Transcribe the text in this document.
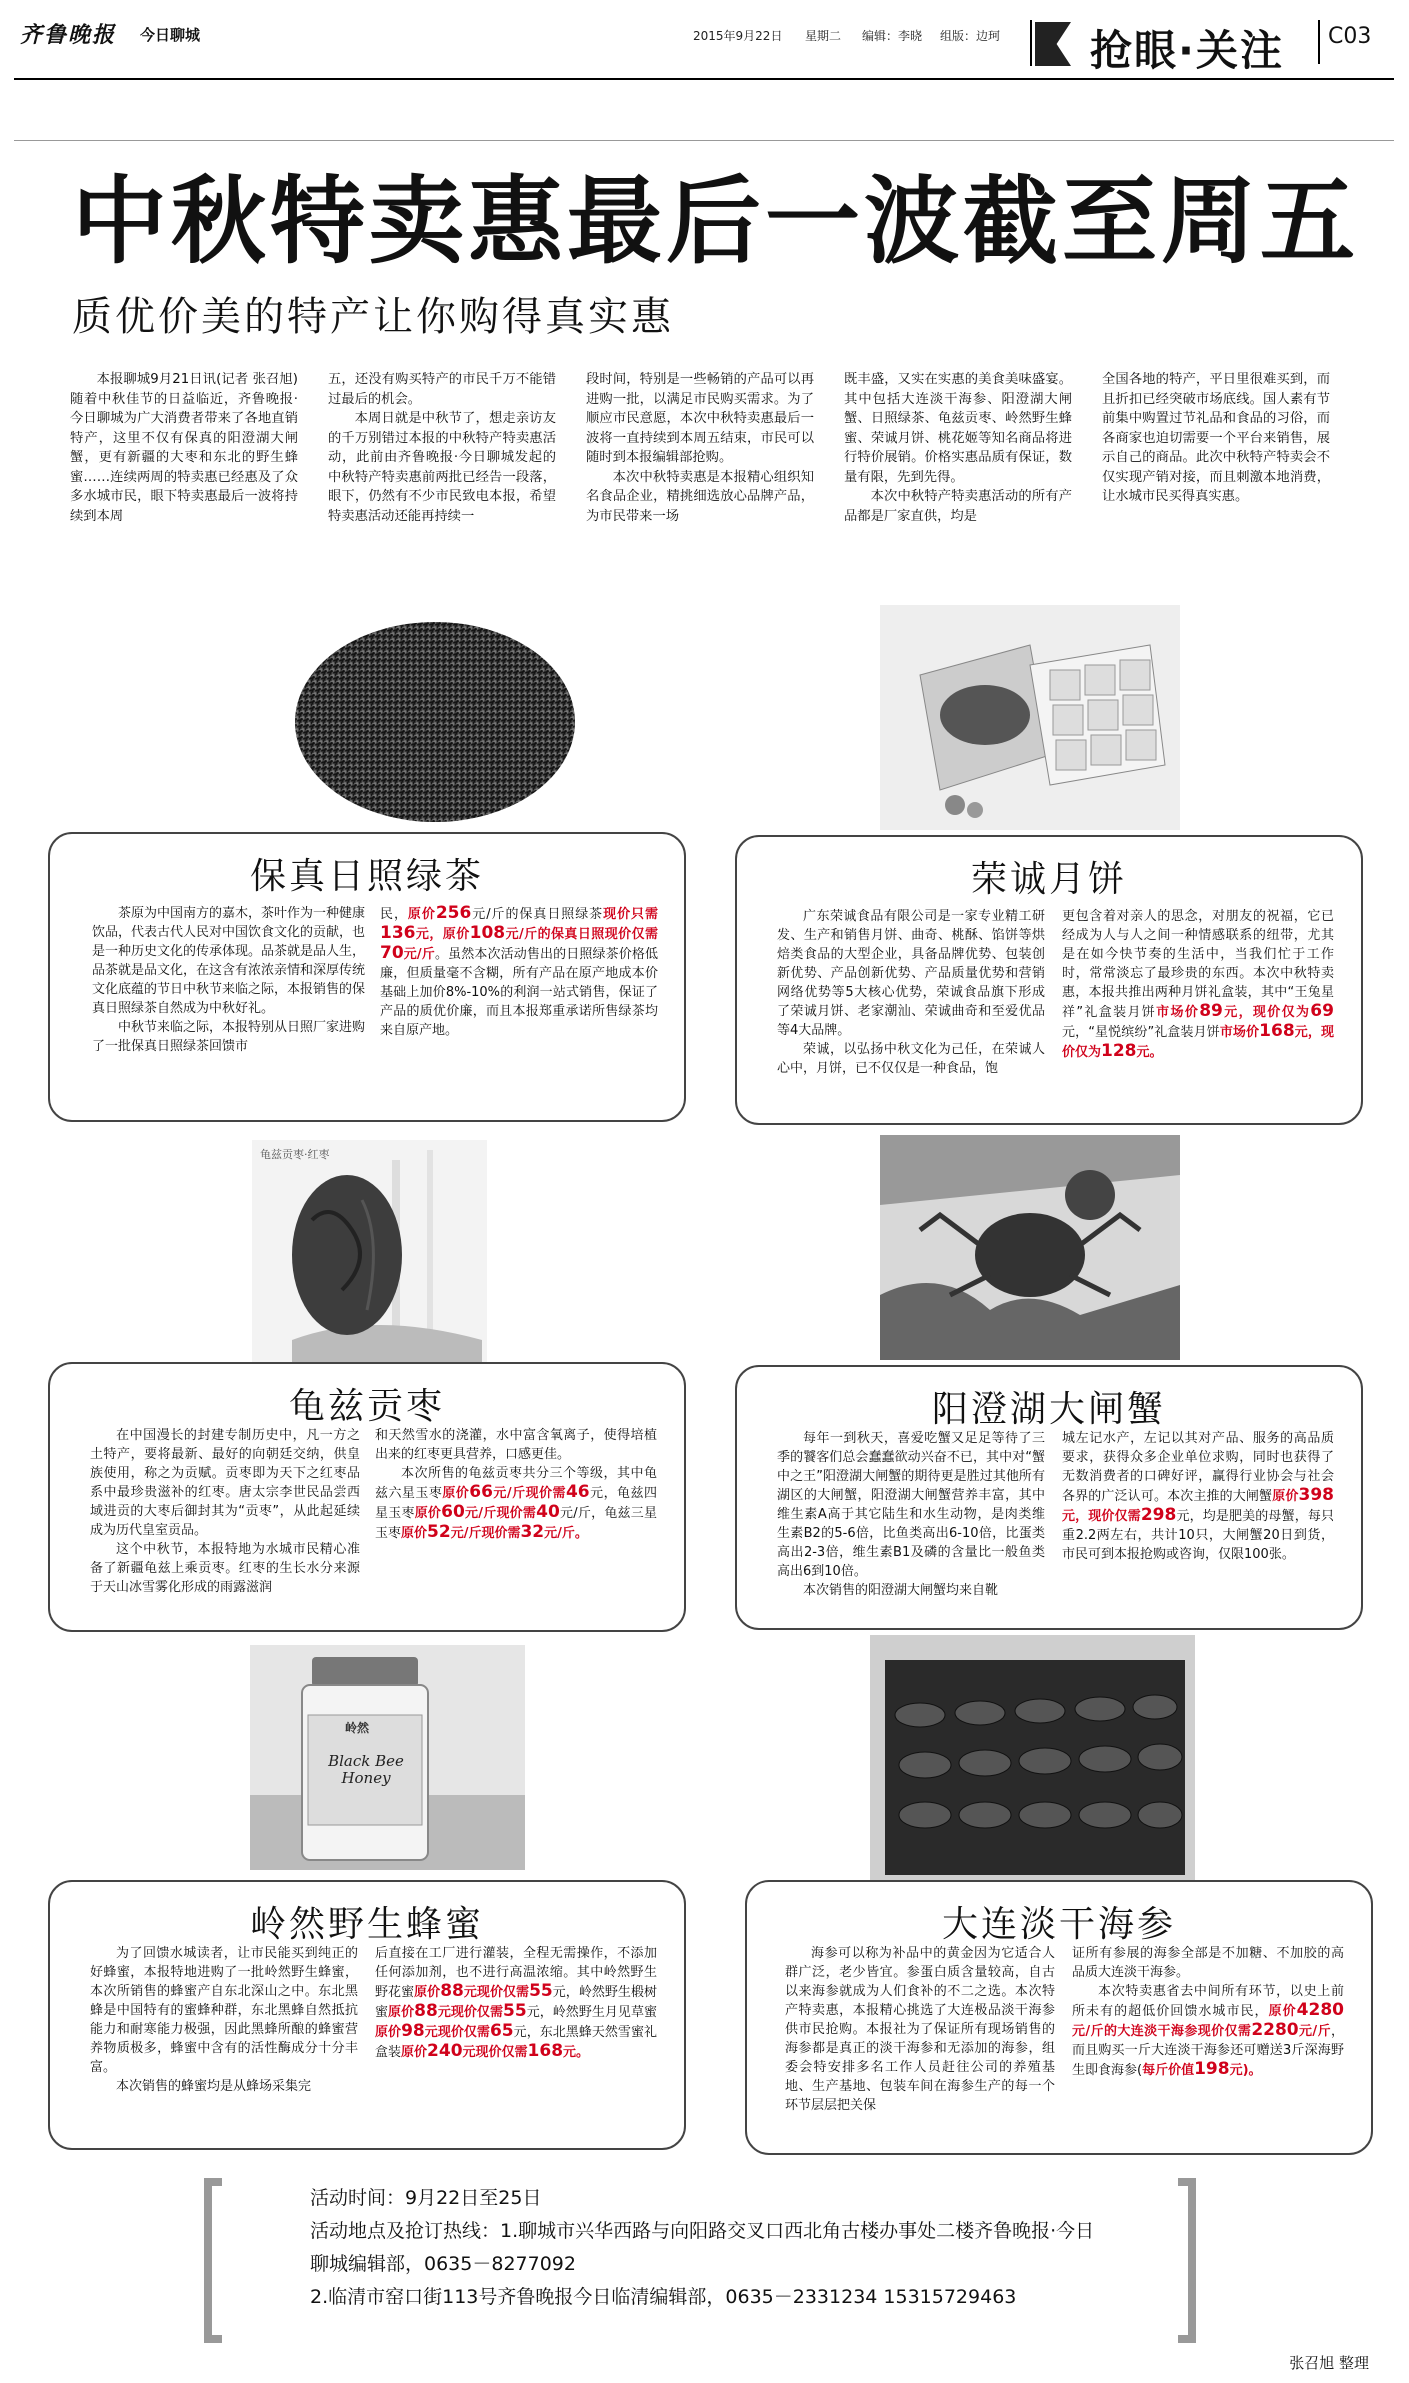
齐鲁晚报 今日聊城	2015年9月22日 星期二 编辑：李晓 组版：边珂 抢眼·关注 C03
中秋特卖惠最后一波截至周五
质优价美的特产让你购得真实惠

本报聊城9月21日讯(记者 张召旭) 随着中秋佳节的日益临近，齐鲁晚报·今日聊城为广大消费者带来了各地直销特产，这里不仅有保真的阳澄湖大闸蟹，更有新疆的大枣和东北的野生蜂蜜……连续两周的特卖惠已经惠及了众多水城市民，眼下特卖惠最后一波将持续到本周

五，还没有购买特产的市民千万不能错过最后的机会。

本周日就是中秋节了，想走亲访友的千万别错过本报的中秋特产特卖惠活动，此前由齐鲁晚报·今日聊城发起的中秋特产特卖惠前两批已经告一段落，眼下，仍然有不少市民致电本报，希望特卖惠活动还能再持续一

段时间，特别是一些畅销的产品可以再进购一批，以满足市民购买需求。为了顺应市民意愿，本次中秋特卖惠最后一波将一直持续到本周五结束，市民可以随时到本报编辑部抢购。

本次中秋特卖惠是本报精心组织知名食品企业，精挑细选放心品牌产品，为市民带来一场

既丰盛，又实在实惠的美食美味盛宴。其中包括大连淡干海参、阳澄湖大闸蟹、日照绿茶、龟兹贡枣、岭然野生蜂蜜、荣诚月饼、桃花姬等知名商品将进行特价展销。价格实惠品质有保证，数量有限，先到先得。

本次中秋特产特卖惠活动的所有产品都是厂家直供，均是

全国各地的特产，平日里很难买到，而且折扣已经突破市场底线。国人素有节前集中购置过节礼品和食品的习俗，而各商家也迫切需要一个平台来销售，展示自己的商品。此次中秋特产特卖会不仅实现产销对接，而且刺激本地消费，让水城市民买得真实惠。

保真日照绿茶

茶原为中国南方的嘉木，茶叶作为一种健康饮品，代表古代人民对中国饮食文化的贡献，也是一种历史文化的传承体现。品茶就是品人生，品茶就是品文化，在这含有浓浓亲情和深厚传统文化底蕴的节日中秋节来临之际，本报销售的保真日照绿茶自然成为中秋好礼。

中秋节来临之际，本报特别从日照厂家进购了一批保真日照绿茶回馈市

民，原价256元/斤的保真日照绿茶现价只需136元，原价108元/斤的保真日照现价仅需70元/斤。虽然本次活动售出的日照绿茶价格低廉，但质量毫不含糊，所有产品在原产地成本价基础上加价8%-10%的利润一站式销售，保证了产品的质优价廉，而且本报郑重承诺所售绿茶均来自原产地。
荣诚月饼

广东荣诚食品有限公司是一家专业精工研发、生产和销售月饼、曲奇、桃酥、馅饼等烘焙类食品的大型企业，具备品牌优势、包装创新优势、产品创新优势、产品质量优势和营销网络优势等5大核心优势，荣诚食品旗下形成了荣诚月饼、老家潮汕、荣诚曲奇和至爱优品等4大品牌。

荣诚，以弘扬中秋文化为己任，在荣诚人心中，月饼，已不仅仅是一种食品，饱

更包含着对亲人的思念，对朋友的祝福，它已经成为人与人之间一种情感联系的纽带，尤其是在如今快节奏的生活中，当我们忙于工作时，常常淡忘了最珍贵的东西。本次中秋特卖惠，本报共推出两种月饼礼盒装，其中“王兔星祥”礼盒装月饼市场价89元，现价仅为69元，“星悦缤纷”礼盒装月饼市场价168元，现价仅为128元。
龟兹贡枣·红枣
龟兹贡枣

在中国漫长的封建专制历史中，凡一方之土特产，要将最新、最好的向朝廷交纳，供皇族使用，称之为贡赋。贡枣即为天下之红枣品系中最珍贵滋补的红枣。唐太宗李世民品尝西域进贡的大枣后御封其为“贡枣”，从此起延续成为历代皇室贡品。

这个中秋节，本报特地为水城市民精心准备了新疆龟兹上乘贡枣。红枣的生长水分来源于天山冰雪雾化形成的雨露滋润

和天然雪水的浇灌，水中富含氧离子，使得培植出来的红枣更具营养，口感更佳。
本次所售的龟兹贡枣共分三个等级，其中龟兹六星玉枣原价66元/斤现价需46元，龟兹四星玉枣原价60元/斤现价需40元/斤，龟兹三星玉枣原价52元/斤现价需32元/斤。
阳澄湖大闸蟹

每年一到秋天，喜爱吃蟹又足足等待了三季的饕客们总会蠢蠢欲动兴奋不已，其中对“蟹中之王”阳澄湖大闸蟹的期待更是胜过其他所有湖区的大闸蟹，阳澄湖大闸蟹营养丰富，其中维生素A高于其它陆生和水生动物，是肉类维生素B2的5-6倍，比鱼类高出6-10倍，比蛋类高出2-3倍，维生素B1及磷的含量比一般鱼类高出6到10倍。

本次销售的阳澄湖大闸蟹均来自靴

城左记水产，左记以其对产品、服务的高品质要求，获得众多企业单位求购，同时也获得了无数消费者的口碑好评，赢得行业协会与社会各界的广泛认可。本次主推的大闸蟹原价398元，现价仅需298元，均是肥美的母蟹，每只重2.2两左右，共计10只，大闸蟹20日到货，市民可到本报抢购或咨询，仅限100张。
岭然
Black Bee Honey
岭然野生蜂蜜

为了回馈水城读者，让市民能买到纯正的好蜂蜜，本报特地进购了一批岭然野生蜂蜜，本次所销售的蜂蜜产自东北深山之中。东北黑蜂是中国特有的蜜蜂种群，东北黑蜂自然抵抗能力和耐寒能力极强，因此黑蜂所酿的蜂蜜营养物质极多，蜂蜜中含有的活性酶成分十分丰富。

本次销售的蜂蜜均是从蜂场采集完

后直接在工厂进行灌装，全程无需操作，不添加任何添加剂，也不进行高温浓缩。其中岭然野生野花蜜原价88元现价仅需55元，岭然野生椴树蜜原价88元现价仅需55元，岭然野生月见草蜜原价98元现价仅需65元，东北黑蜂天然雪蜜礼盒装原价240元现价仅需168元。
大连淡干海参

海参可以称为补品中的黄金因为它适合人群广泛，老少皆宜。参蛋白质含量较高，自古以来海参就成为人们食补的不二之选。本次特产特卖惠，本报精心挑选了大连极品淡干海参供市民抢购。本报社为了保证所有现场销售的海参都是真正的淡干海参和无添加的海参，组委会特安排多名工作人员赶往公司的养殖基地、生产基地、包装车间在海参生产的每一个环节层层把关保

证所有参展的海参全部是不加糖、不加胶的高品质大连淡干海参。
本次特卖惠省去中间所有环节，以史上前所未有的超低价回馈水城市民，原价4280元/斤的大连淡干海参现价仅需2280元/斤，而且购买一斤大连淡干海参还可赠送3斤深海野生即食海参(每斤价值198元)。
活动时间：9月22日至25日
活动地点及抢订热线：1.聊城市兴华西路与向阳路交叉口西北角古楼办事处二楼齐鲁晚报·今日
聊城编辑部，0635－8277092
2.临清市窑口街113号齐鲁晚报今日临清编辑部，0635－2331234 15315729463
张召旭 整理
